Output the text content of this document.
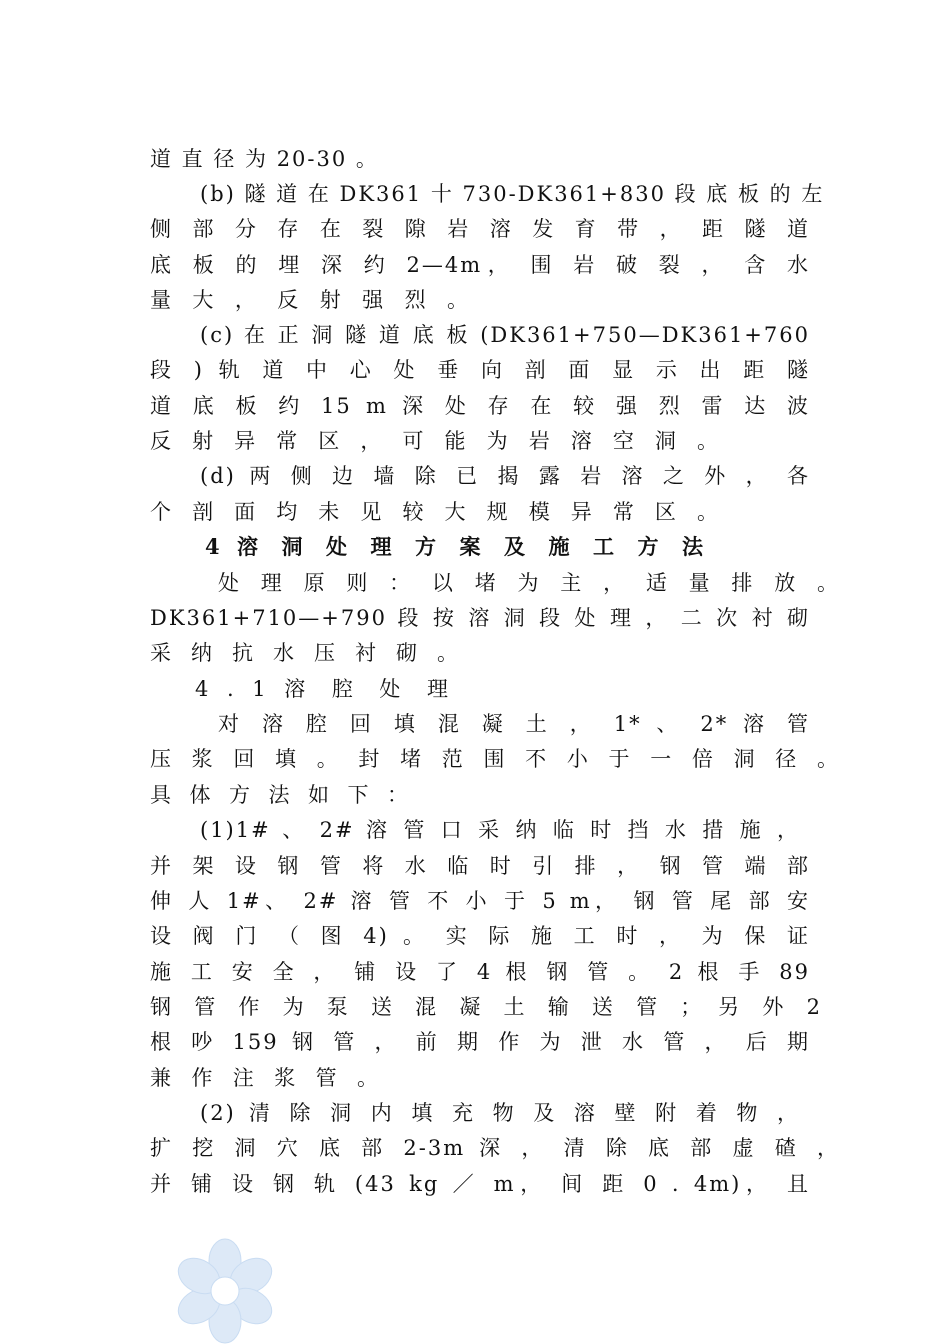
道 直 径 为 20-30 。
(b) 隧 道 在 DK361 十 730-DK361+830 段 底 板 的 左
侧 部 分 存 在 裂 隙 岩 溶 发 育 带 ， 距 隧 道
底 板 的 埋 深 约 2—4m， 围 岩 破 裂 ， 含 水
量 大 ， 反 射 强 烈 。
(c) 在 正 洞 隧 道 底 板 (DK361+750—DK361+760
段 ) 轨 道 中 心 处 垂 向 剖 面 显 示 出 距 隧
道 底 板 约 15 m 深 处 存 在 较 强 烈 雷 达 波
反 射 异 常 区 ， 可 能 为 岩 溶 空 洞 。
(d) 两 侧 边 墙 除 已 揭 露 岩 溶 之 外 ， 各
个 剖 面 均 未 见 较 大 规 模 异 常 区 。
4 溶 洞 处 理 方 案 及 施 工 方 法
处 理 原 则 ： 以 堵 为 主 ， 适 量 排 放 。
DK361+710—+790 段 按 溶 洞 段 处 理 ， 二 次 衬 砌
采 纳 抗 水 压 衬 砌 。
4 . 1 溶 腔 处 理
对 溶 腔 回 填 混 凝 土 ， 1* 、 2* 溶 管
压 浆 回 填 。 封 堵 范 围 不 小 于 一 倍 洞 径 。
具 体 方 法 如 下 ：
(1)1# 、 2# 溶 管 口 采 纳 临 时 挡 水 措 施 ，
并 架 设 钢 管 将 水 临 时 引 排 ， 钢 管 端 部
伸 人 1#、 2# 溶 管 不 小 于 5 m， 钢 管 尾 部 安
设 阀 门 （ 图 4) 。 实 际 施 工 时 ， 为 保 证
施 工 安 全 ， 铺 设 了 4 根 钢 管 。 2 根 手 89
钢 管 作 为 泵 送 混 凝 土 输 送 管 ； 另 外 2
根 吵 159 钢 管 ， 前 期 作 为 泄 水 管 ， 后 期
兼 作 注 浆 管 。
(2) 清 除 洞 内 填 充 物 及 溶 壁 附 着 物 ，
扩 挖 洞 穴 底 部 2-3m 深 ， 清 除 底 部 虚 碴 ，
并 铺 设 钢 轨 (43 kg ／ m， 间 距 0 . 4m)， 且
